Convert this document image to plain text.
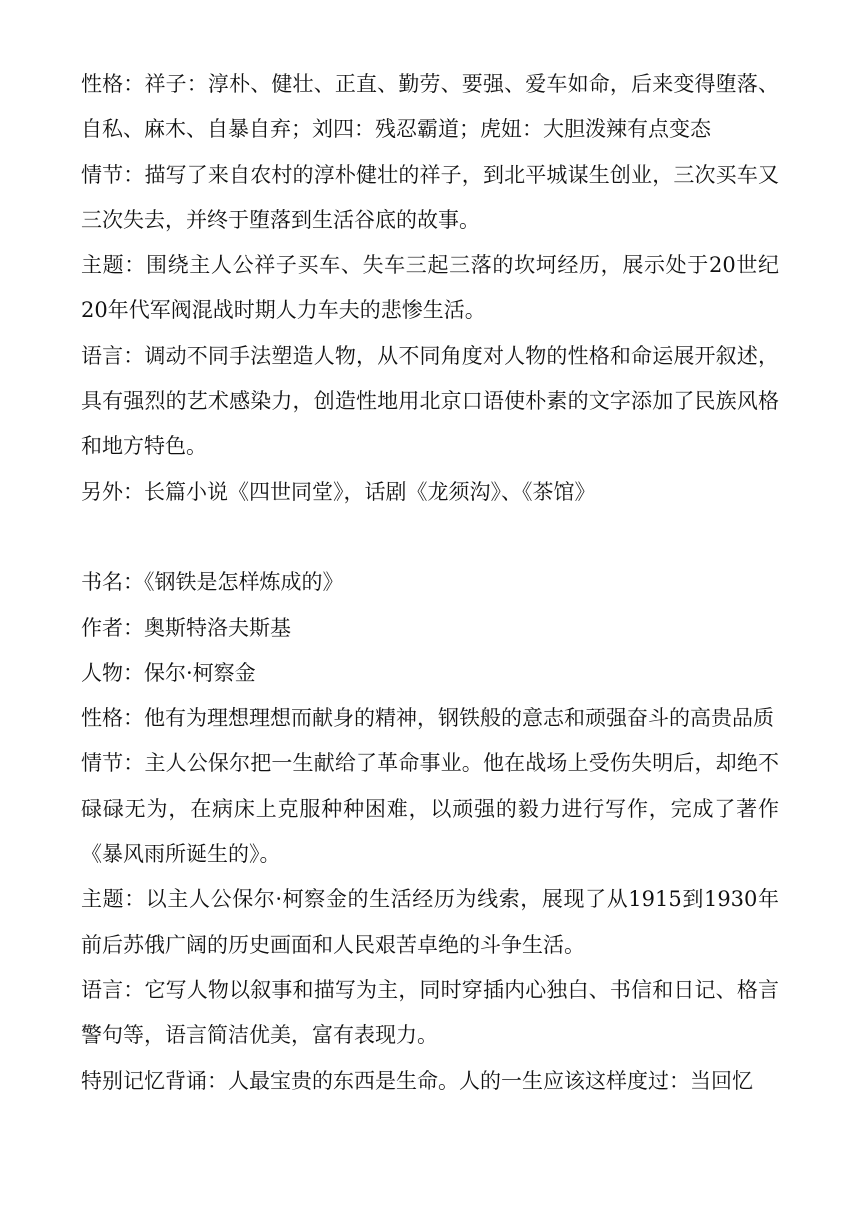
性格：祥子：淳朴、健壮、正直、勤劳、要强、爱车如命，后来变得堕落、自私、麻木、自暴自弃；刘四：残忍霸道；虎妞：大胆泼辣有点变态

情节：描写了来自农村的淳朴健壮的祥子，到北平城谋生创业，三次买车又三次失去，并终于堕落到生活谷底的故事。

主题：围绕主人公祥子买车、失车三起三落的坎坷经历，展示处于20世纪20年代军阀混战时期人力车夫的悲惨生活。

语言：调动不同手法塑造人物，从不同角度对人物的性格和命运展开叙述，具有强烈的艺术感染力，创造性地用北京口语使朴素的文字添加了民族风格和地方特色。

另外：长篇小说《四世同堂》，话剧《龙须沟》、《茶馆》

书名：《钢铁是怎样炼成的》

作者：奥斯特洛夫斯基

人物：保尔·柯察金

性格：他有为理想理想而献身的精神，钢铁般的意志和顽强奋斗的高贵品质

情节：主人公保尔把一生献给了革命事业。他在战场上受伤失明后，却绝不碌碌无为，在病床上克服种种困难，以顽强的毅力进行写作，完成了著作《暴风雨所诞生的》。

主题：以主人公保尔·柯察金的生活经历为线索，展现了从1915到1930年前后苏俄广阔的历史画面和人民艰苦卓绝的斗争生活。

语言：它写人物以叙事和描写为主，同时穿插内心独白、书信和日记、格言警句等，语言简洁优美，富有表现力。

特别记忆背诵：人最宝贵的东西是生命。人的一生应该这样度过：当回忆
